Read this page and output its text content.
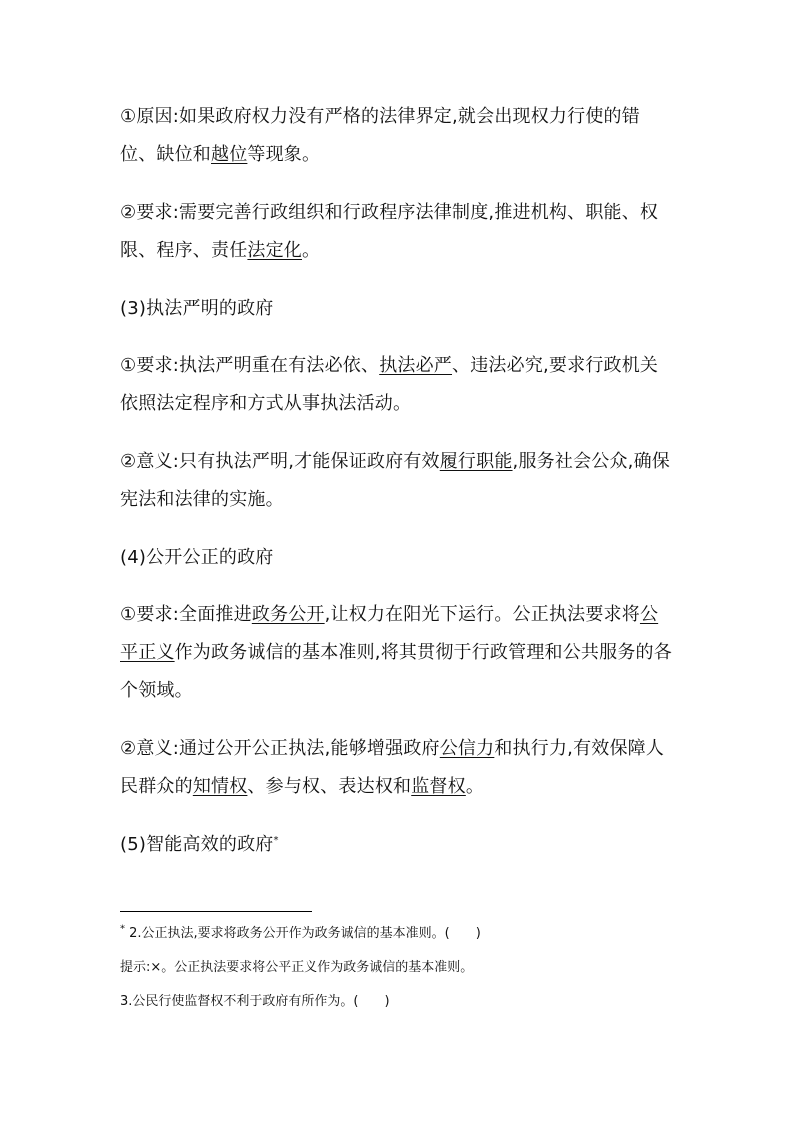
①原因:如果政府权力没有严格的法律界定,就会出现权力行使的错位、缺位和越位等现象。

②要求:需要完善行政组织和行政程序法律制度,推进机构、职能、权限、程序、责任法定化。

(3)执法严明的政府

①要求:执法严明重在有法必依、执法必严、违法必究,要求行政机关依照法定程序和方式从事执法活动。

②意义:只有执法严明,才能保证政府有效履行职能,服务社会公众,确保宪法和法律的实施。

(4)公开公正的政府

①要求:全面推进政务公开,让权力在阳光下运行。公正执法要求将公平正义作为政务诚信的基本准则,将其贯彻于行政管理和公共服务的各个领域。

②意义:通过公开公正执法,能够增强政府公信力和执行力,有效保障人民群众的知情权、参与权、表达权和监督权。

(5)智能高效的政府*

* 2.公正执法,要求将政务公开作为政务诚信的基本准则。(　　)

提示:×。公正执法要求将公平正义作为政务诚信的基本准则。

3.公民行使监督权不利于政府有所作为。(　　)
